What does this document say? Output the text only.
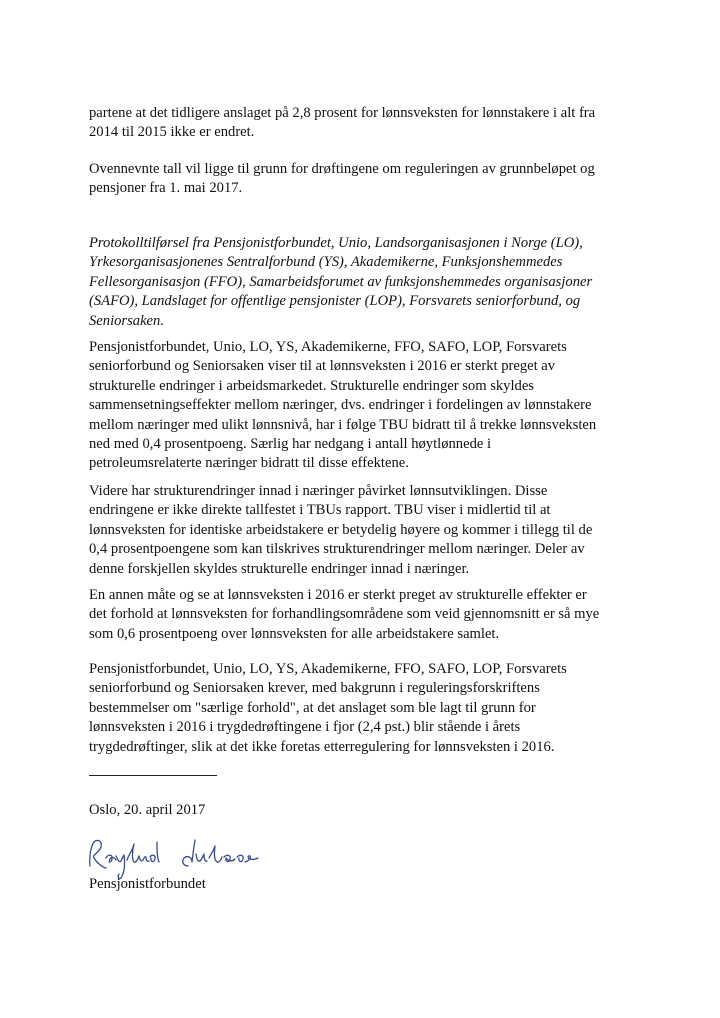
partene at det tidligere anslaget på 2,8 prosent for lønnsveksten for lønnstakere i alt fra
2014 til 2015 ikke er endret.

Ovennevnte tall vil ligge til grunn for drøftingene om reguleringen av grunnbeløpet og
pensjoner fra 1. mai 2017.

Protokolltilførsel fra Pensjonistforbundet, Unio, Landsorganisasjonen i Norge (LO),
Yrkesorganisasjonenes Sentralforbund (YS), Akademikerne, Funksjonshemmedes
Fellesorganisasjon (FFO), Samarbeidsforumet av funksjonshemmedes organisasjoner
(SAFO), Landslaget for offentlige pensjonister (LOP), Forsvarets seniorforbund, og
Seniorsaken.

Pensjonistforbundet, Unio, LO, YS, Akademikerne, FFO, SAFO, LOP, Forsvarets
seniorforbund og Seniorsaken viser til at lønnsveksten i 2016 er sterkt preget av
strukturelle endringer i arbeidsmarkedet. Strukturelle endringer som skyldes
sammensetningseffekter mellom næringer, dvs. endringer i fordelingen av lønnstakere
mellom næringer med ulikt lønnsnivå, har i følge TBU bidratt til å trekke lønnsveksten
ned med 0,4 prosentpoeng. Særlig har nedgang i antall høytlønnede i
petroleumsrelaterte næringer bidratt til disse effektene.

Videre har strukturendringer innad i næringer påvirket lønnsutviklingen. Disse
endringene er ikke direkte tallfestet i TBUs rapport. TBU viser i midlertid til at
lønnsveksten for identiske arbeidstakere er betydelig høyere og kommer i tillegg til de
0,4 prosentpoengene som kan tilskrives strukturendringer mellom næringer. Deler av
denne forskjellen skyldes strukturelle endringer innad i næringer.

En annen måte og se at lønnsveksten i 2016 er sterkt preget av strukturelle effekter er
det forhold at lønnsveksten for forhandlingsområdene som veid gjennomsnitt er så mye
som 0,6 prosentpoeng over lønnsveksten for alle arbeidstakere samlet.

Pensjonistforbundet, Unio, LO, YS, Akademikerne, FFO, SAFO, LOP, Forsvarets
seniorforbund og Seniorsaken krever, med bakgrunn i reguleringsforskriftens
bestemmelser om "særlige forhold", at det anslaget som ble lagt til grunn for
lønnsveksten i 2016 i trygdedrøftingene i fjor (2,4 pst.) blir stående i årets
trygdedrøftinger, slik at det ikke foretas etterregulering for lønnsveksten i 2016.

Oslo, 20. april 2017
Pensjonistforbundet
